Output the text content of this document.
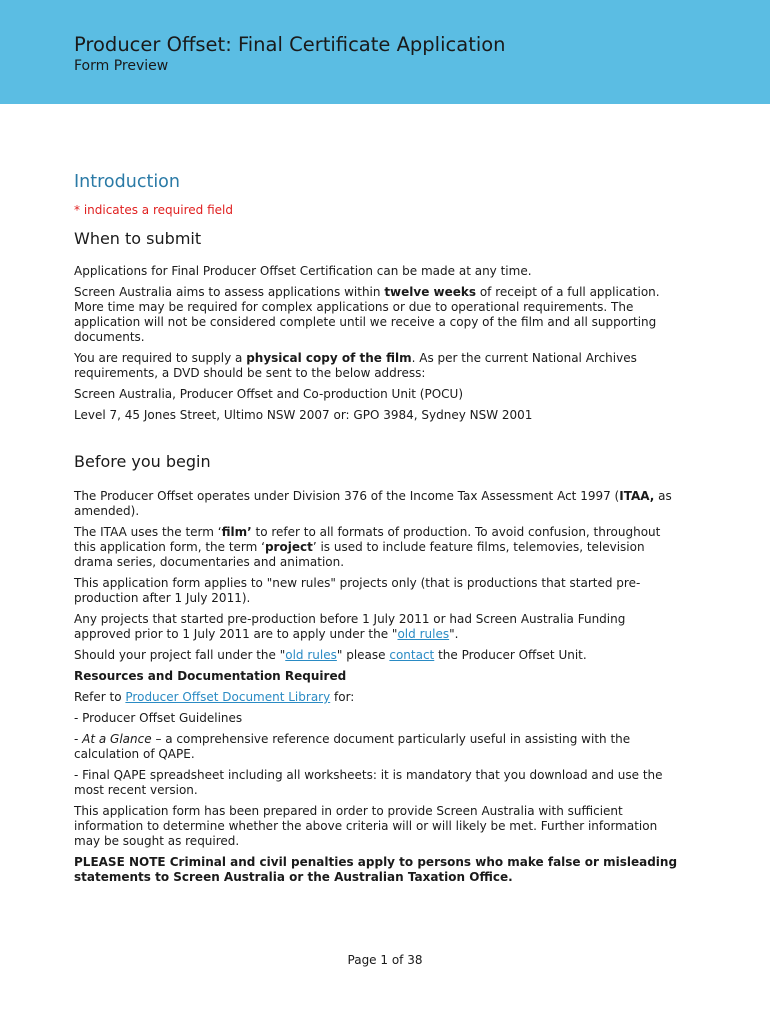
Producer Offset: Final Certificate Application
Form Preview
Introduction
* indicates a required field
When to submit

Applications for Final Producer Offset Certification can be made at any time.

Screen Australia aims to assess applications within twelve weeks of receipt of a full application. More time may be required for complex applications or due to operational requirements. The application will not be considered complete until we receive a copy of the film and all supporting documents.

You are required to supply a physical copy of the film. As per the current National Archives requirements, a DVD should be sent to the below address:

Screen Australia, Producer Offset and Co-production Unit (POCU)

Level 7, 45 Jones Street, Ultimo NSW 2007 or: GPO 3984, Sydney NSW 2001

Before you begin

The Producer Offset operates under Division 376 of the Income Tax Assessment Act 1997 (ITAA, as amended).

The ITAA uses the term ‘film’ to refer to all formats of production. To avoid confusion, throughout this application form, the term ‘project’ is used to include feature films, telemovies, television drama series, documentaries and animation.

This application form applies to "new rules" projects only (that is productions that started pre-production after 1 July 2011).

Any projects that started pre-production before 1 July 2011 or had Screen Australia Funding approved prior to 1 July 2011 are to apply under the "old rules".

Should your project fall under the "old rules" please contact the Producer Offset Unit.

Resources and Documentation Required

Refer to Producer Offset Document Library for:

- Producer Offset Guidelines

- At a Glance – a comprehensive reference document particularly useful in assisting with the calculation of QAPE.

- Final QAPE spreadsheet including all worksheets: it is mandatory that you download and use the most recent version.

This application form has been prepared in order to provide Screen Australia with sufficient information to determine whether the above criteria will or will likely be met. Further information may be sought as required.

PLEASE NOTE Criminal and civil penalties apply to persons who make false or misleading statements to Screen Australia or the Australian Taxation Office.

Page 1 of 38
